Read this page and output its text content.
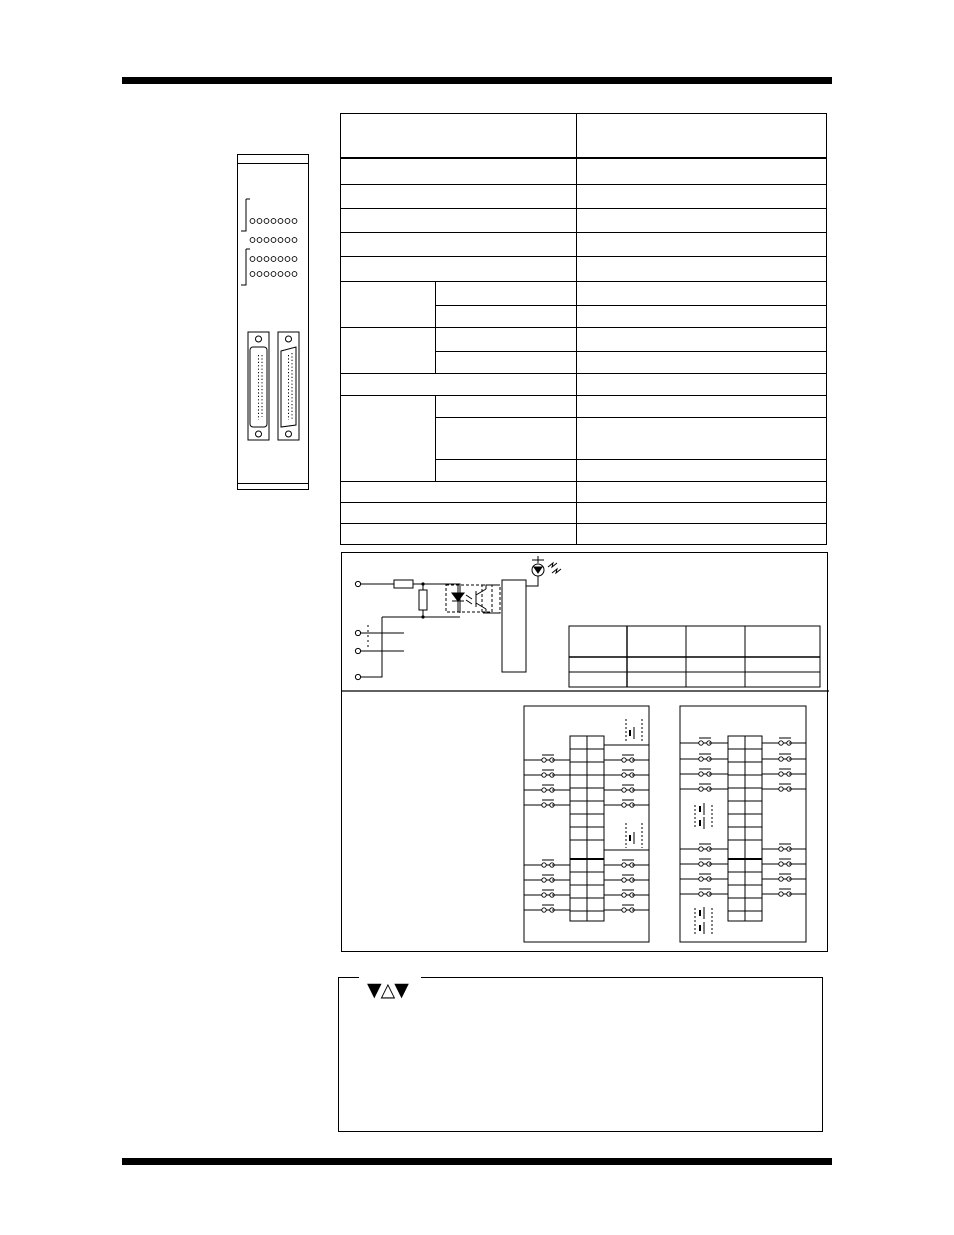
▼△▼
